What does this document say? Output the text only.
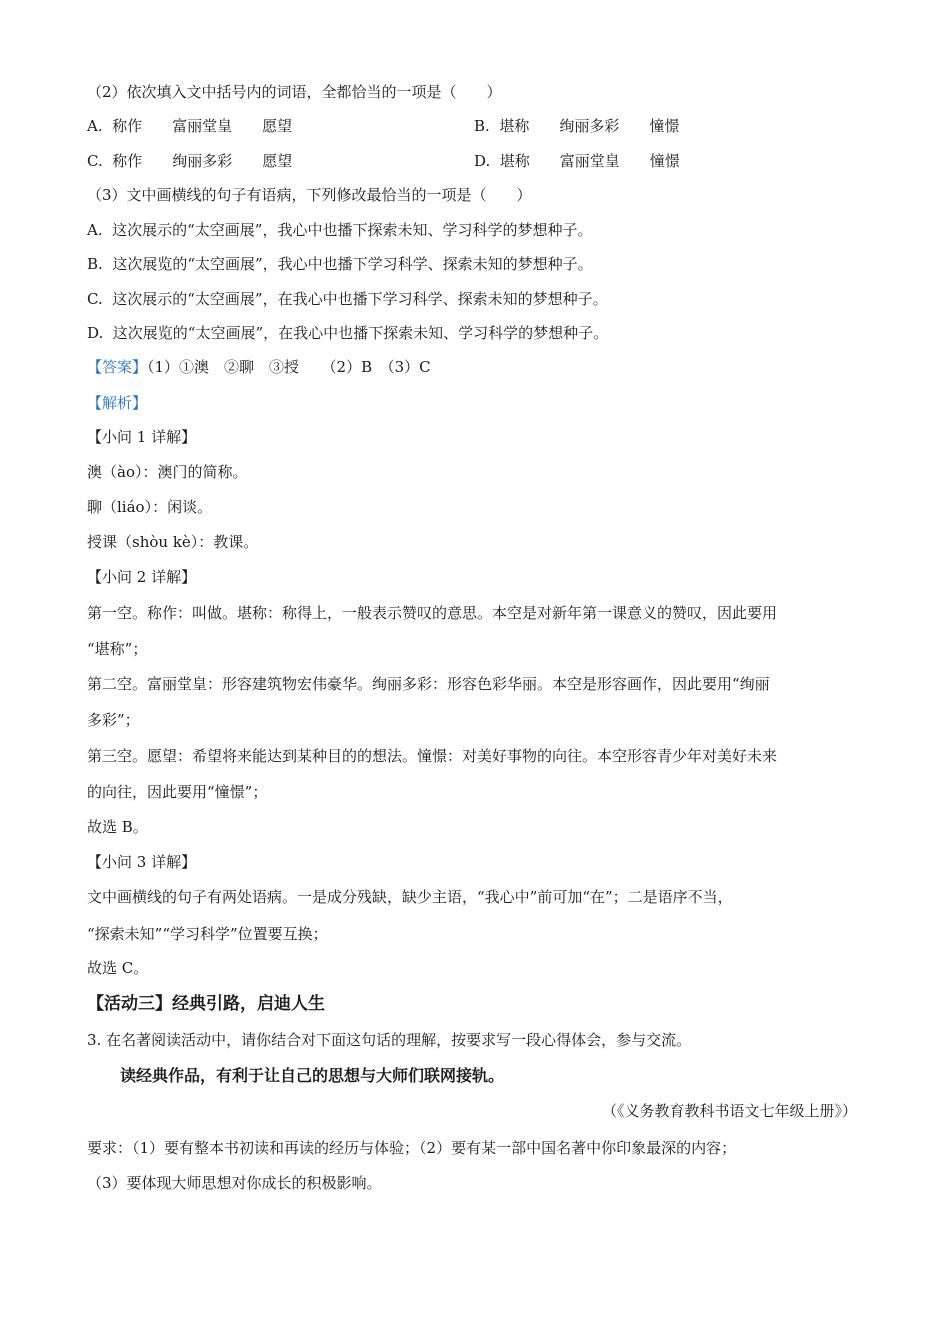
（2）依次填入文中括号内的词语，全都恰当的一项是（　　）
A.  称作　　富丽堂皇　　愿望	B.  堪称　　绚丽多彩　　憧憬
C.  称作　　绚丽多彩　　愿望	D.  堪称　　富丽堂皇　　憧憬
（3）文中画横线的句子有语病，下列修改最恰当的一项是（　　）
A.  这次展示的“太空画展”，我心中也播下探索未知、学习科学的梦想种子。
B.  这次展览的“太空画展”，我心中也播下学习科学、探索未知的梦想种子。
C.  这次展示的“太空画展”，在我心中也播下学习科学、探索未知的梦想种子。
D.  这次展览的“太空画展”，在我心中也播下探索未知、学习科学的梦想种子。
【答案】（1）①澳　②聊　③授　　（2）B　（3）C
【解析】
【小问 1 详解】
澳（ào）：澳门的简称。
聊（liáo）：闲谈。
授课（shòu kè）：教课。
【小问 2 详解】
第一空。称作：叫做。堪称：称得上，一般表示赞叹的意思。本空是对新年第一课意义的赞叹，因此要用
“堪称”；
第二空。富丽堂皇：形容建筑物宏伟豪华。绚丽多彩：形容色彩华丽。本空是形容画作，因此要用“绚丽
多彩”；
第三空。愿望：希望将来能达到某种目的的想法。憧憬：对美好事物的向往。本空形容青少年对美好未来
的向往，因此要用“憧憬”；
故选 B。
【小问 3 详解】
文中画横线的句子有两处语病。一是成分残缺，缺少主语，“我心中”前可加“在”；二是语序不当，
“探索未知”“学习科学”位置要互换；
故选 C。
【活动三】经典引路，启迪人生
3. 在名著阅读活动中，请你结合对下面这句话的理解，按要求写一段心得体会，参与交流。
读经典作品，有利于让自己的思想与大师们联网接轨。
（《义务教育教科书语文七年级上册》）
要求：（1）要有整本书初读和再读的经历与体验；（2）要有某一部中国名著中你印象最深的内容；
（3）要体现大师思想对你成长的积极影响。
